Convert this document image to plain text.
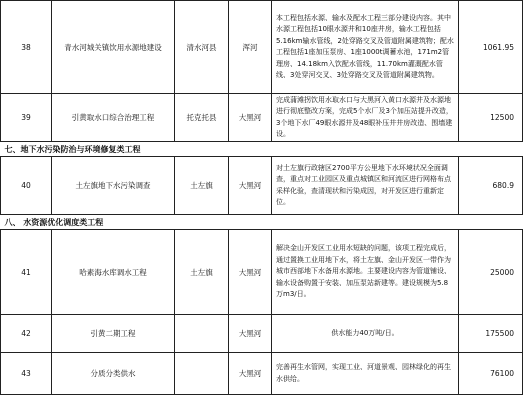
38	青水河城关镇饮用水源地建设	清水河县	浑河	本工程包括水源、输水及配水工程三部分建设内容。其中水源工程包括10眼水源井和10座井房，输水工程包括5.16km输水管线，2处穿路交叉及管道附属建筑物；配水工程包括1座加压泵房、1座1000t调蓄水池，171m2管理房、14.18km入饮配水管线，11.70km灌溉配水管线、3处穿河交叉、3处穿路交叉及管道附属建筑物。	1061.95
39	引黄取水口综合治理工程	托克托县	大黑河	完成蒲滩拐饮用水取水口与大黑河入黄口水源井及水源地进行彻底整改方案，完成5个水厂及3个加压站提升改造，3个地下水厂49眼水源井及48眼补压井井房改造、围墙建设。	12500
七、地下水污染防治与环境修复类工程					
40	土左旗地下水污染调查	土左旗	大黑河	对土左旗行政辖区2700平方公里地下水环境状况全面调查，重点对工业园区及重点城镇区和河流区进行网格布点采样化验，查清现状和污染成因，对开发区进行重新定位。	680.9
八、 水资源优化调度类工程					
41	哈素海水库调水工程	土左旗	大黑河	解决金山开发区工业用水短缺的问题，该项工程完成后，通过置换工业用地下水，将土左旗、金山开发区一带作为城市西部地下水备用水源地。主要建设内容为管道铺设、输水设备购置于安装、加压泵站新建等。建设规模为5.8万m3/日。	25000
42	引黄二期工程		大黑河	供水能力40万吨/日。	175500
43	分质分类供水		大黑河	完善再生水管网，实现工业、河道景观、园林绿化的再生水供给。	76100
